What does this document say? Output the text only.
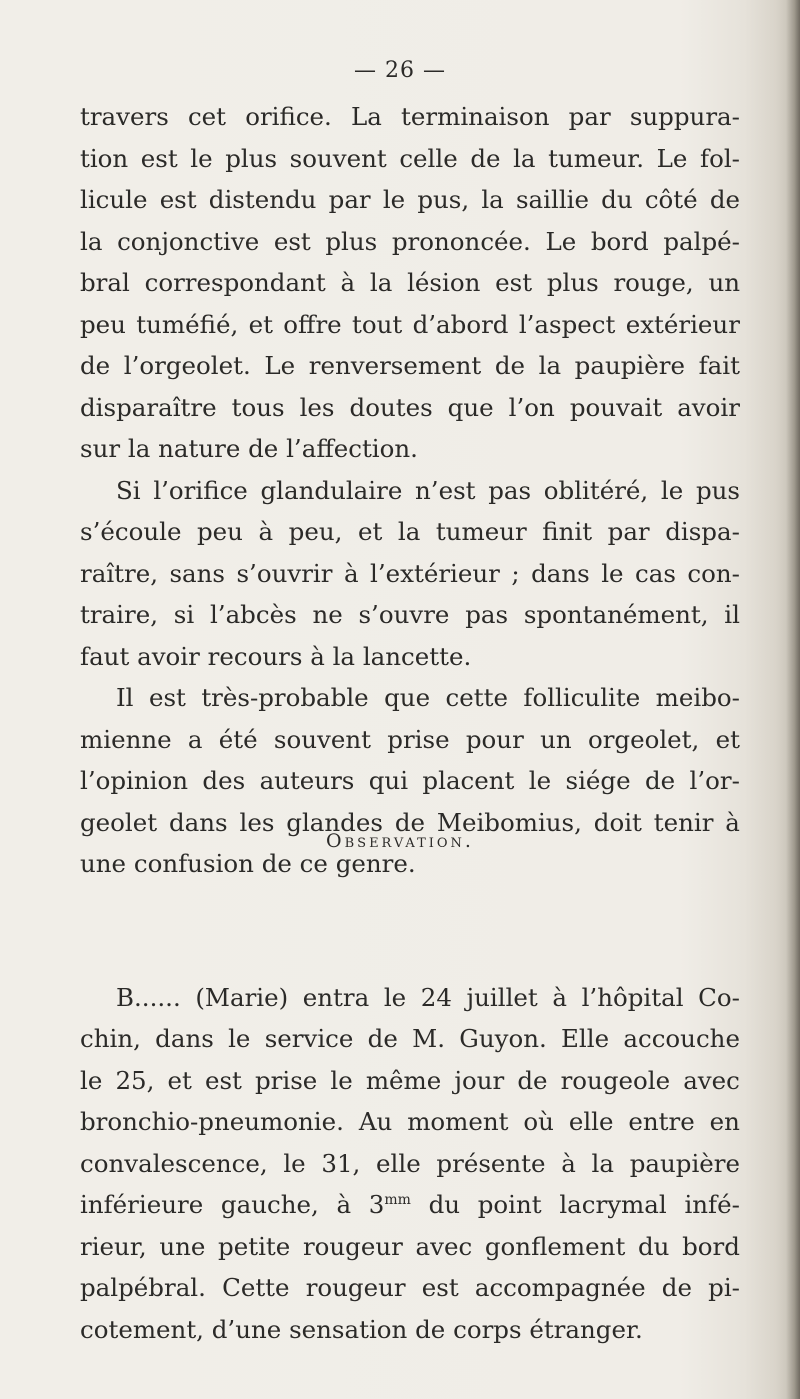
— 26 —
travers cet orifice. La terminaison par suppura-
tion est le plus souvent celle de la tumeur. Le fol-
licule est distendu par le pus, la saillie du côté de
la conjonctive est plus prononcée. Le bord palpé-
bral correspondant à la lésion est plus rouge, un
peu tuméfié, et offre tout d’abord l’aspect extérieur
de l’orgeolet. Le renversement de la paupière fait
disparaître tous les doutes que l’on pouvait avoir
sur la nature de l’affection.
Si l’orifice glandulaire n’est pas oblitéré, le pus
s’écoule peu à peu, et la tumeur finit par dispa-
raître, sans s’ouvrir à l’extérieur ; dans le cas con-
traire, si l’abcès ne s’ouvre pas spontanément, il
faut avoir recours à la lancette.
Il est très-probable que cette folliculite meibo-
mienne a été souvent prise pour un orgeolet, et
l’opinion des auteurs qui placent le siége de l’or-
geolet dans les glandes de Meibomius, doit tenir à
une confusion de ce genre.
B...... (Marie) entra le 24 juillet à l’hôpital Co-
chin, dans le service de M. Guyon. Elle accouche
le 25, et est prise le même jour de rougeole avec
bronchio-pneumonie. Au moment où elle entre en
convalescence, le 31, elle présente à la paupière
inférieure gauche, à $3^{mm}$ du point lacrymal infé-
rieur, une petite rougeur avec gonflement du bord
palpébral. Cette rougeur est accompagnée de pi-
cotement, d’une sensation de corps étranger.
Observation.
